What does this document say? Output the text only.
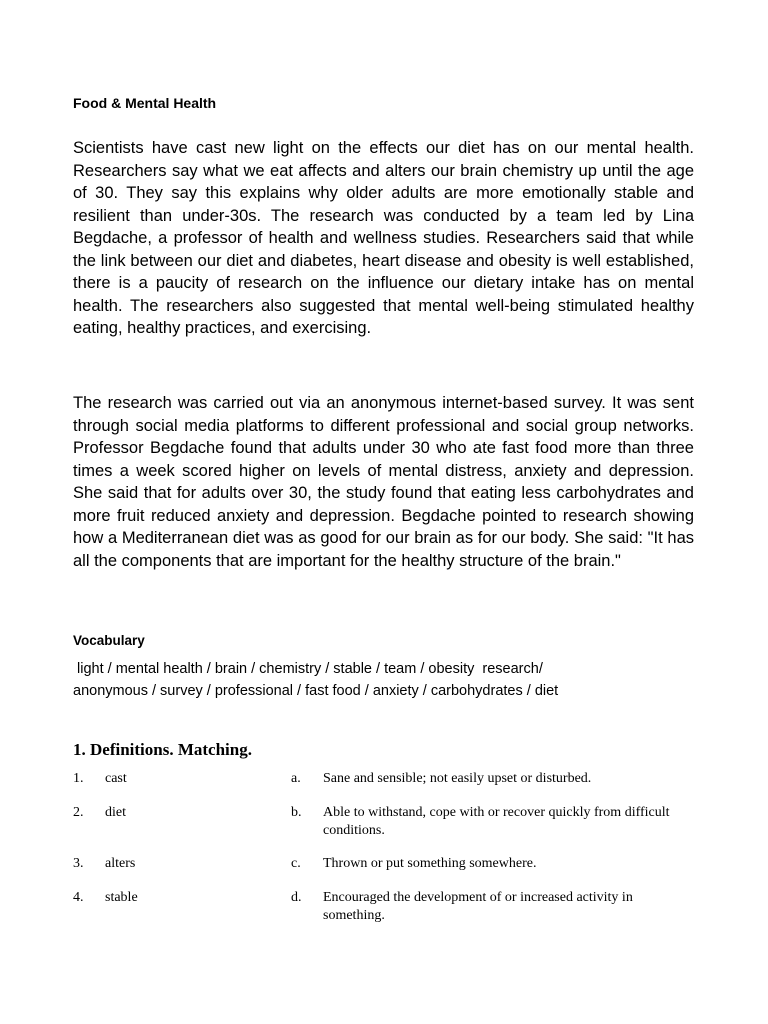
Food & Mental Health

Scientists have cast new light on the effects our diet has on our mental health. Researchers say what we eat affects and alters our brain chemistry up until the age of 30. They say this explains why older adults are more emotionally stable and resilient than under-30s. The research was conducted by a team led by Lina Begdache, a professor of health and wellness studies. Researchers said that while the link between our diet and diabetes, heart disease and obesity is well established, there is a paucity of research on the influence our dietary intake has on mental health. The researchers also suggested that mental well-being stimulated healthy eating, healthy practices, and exercising.

The research was carried out via an anonymous internet-based survey. It was sent through social media platforms to different professional and social group networks. Professor Begdache found that adults under 30 who ate fast food more than three times a week scored higher on levels of mental distress, anxiety and depression. She said that for adults over 30, the study found that eating less carbohydrates and more fruit reduced anxiety and depression. Begdache pointed to research showing how a Mediterranean diet was as good for our brain as for our body. She said: "It has all the components that are important for the healthy structure of the brain."

Vocabulary
light / mental health / brain / chemistry / stable / team / obesity  research/
anonymous / survey / professional / fast food / anxiety / carbohydrates / diet
1. Definitions. Matching.
1. cast	a. Sane and sensible; not easily upset or disturbed.
2. diet	b. Able to withstand, cope with or recover quickly from difficult conditions.
3. alters	c. Thrown or put something somewhere.
4. stable	d. Encouraged the development of or increased activity in something.
